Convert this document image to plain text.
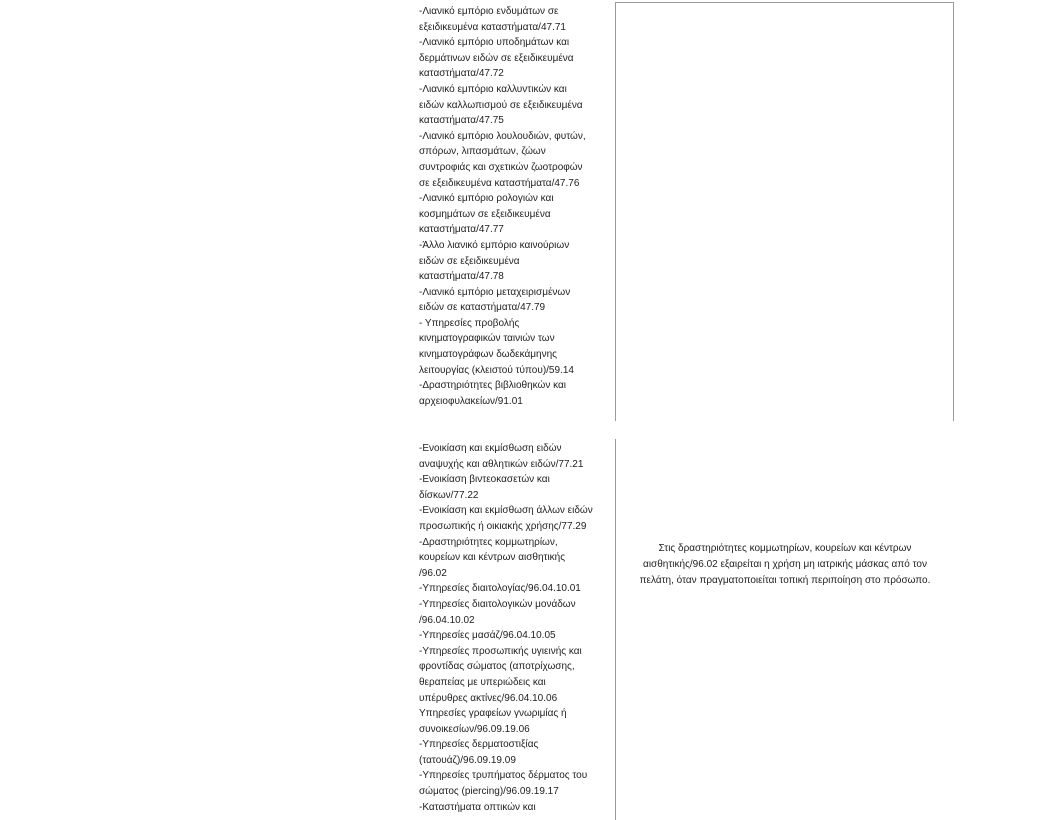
-Λιανικό εμπόριο ενδυμάτων σε
εξειδικευμένα καταστήματα/47.71
-Λιανικό εμπόριο υποδημάτων και
δερμάτινων ειδών σε εξειδικευμένα
καταστήματα/47.72
-Λιανικό εμπόριο καλλυντικών και
ειδών καλλωπισμού σε εξειδικευμένα
καταστήματα/47.75
-Λιανικό εμπόριο λουλουδιών, φυτών,
σπόρων, λιπασμάτων, ζώων
συντροφιάς και σχετικών ζωοτροφών
σε εξειδικευμένα καταστήματα/47.76
-Λιανικό εμπόριο ρολογιών και
κοσμημάτων σε εξειδικευμένα
καταστήματα/47.77
-Άλλο λιανικό εμπόριο καινούριων
ειδών σε εξειδικευμένα
καταστήματα/47.78
-Λιανικό εμπόριο μεταχειρισμένων
ειδών σε καταστήματα/47.79
- Υπηρεσίες προβολής
κινηματογραφικών ταινιών των
κινηματογράφων δωδεκάμηνης
λειτουργίας (κλειστού τύπου)/59.14
-Δραστηριότητες βιβλιοθηκών και
αρχειοφυλακείων/91.01
-Ενοικίαση και εκμίσθωση ειδών
αναψυχής και αθλητικών ειδών/77.21
-Ενοικίαση βιντεοκασετών και
δίσκων/77.22
-Ενοικίαση και εκμίσθωση άλλων ειδών
προσωπικής ή οικιακής χρήσης/77.29
-Δραστηριότητες κομμωτηρίων,
κουρείων και κέντρων αισθητικής
/96.02
-Υπηρεσίες διαιτολογίας/96.04.10.01
-Υπηρεσίες διαιτολογικών μονάδων
/96.04.10.02
-Υπηρεσίες μασάζ/96.04.10.05
-Υπηρεσίες προσωπικής υγιεινής και
φροντίδας σώματος (αποτρίχωσης,
θεραπείας με υπεριώδεις και
υπέρυθρες ακτίνες/96.04.10.06
Υπηρεσίες γραφείων γνωριμίας ή
συνοικεσίων/96.09.19.06
-Υπηρεσίες δερματοστιξίας
(τατουάζ)/96.09.19.09
-Υπηρεσίες τρυπήματος δέρματος του
σώματος (piercing)/96.09.19.17
-Καταστήματα οπτικών και
Στις δραστηριότητες κομμωτηρίων, κουρείων και κέντρων
αισθητικής/96.02 εξαιρείται η χρήση μη ιατρικής μάσκας από τον
πελάτη, όταν πραγματοποιείται τοπική περιποίηση στο πρόσωπο.
